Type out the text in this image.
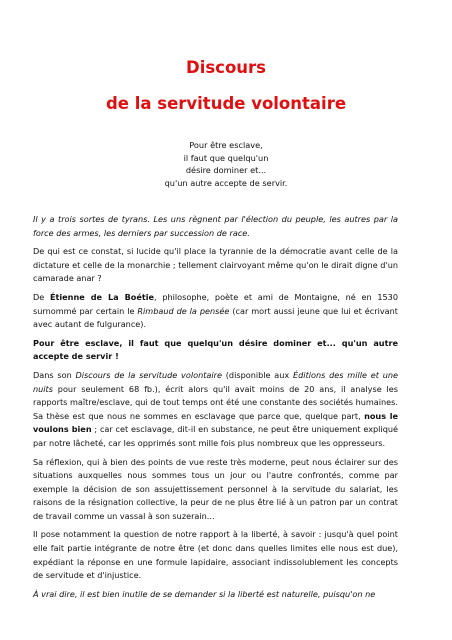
Discours
de la servitude volontaire
Pour être esclave,
il faut que quelqu'un
désire dominer et...
qu'un autre accepte de servir.

Il y a trois sortes de tyrans. Les uns règnent par l'élection du peuple, les autres par la force des armes, les derniers par succession de race.

De qui est ce constat, si lucide qu'il place la tyrannie de la démocratie avant celle de la dictature et celle de la monarchie ; tellement clairvoyant même qu'on le dirait digne d'un camarade anar ?

De Étienne de La Boétie, philosophe, poète et ami de Montaigne, né en 1530 surnommé par certain le Rimbaud de la pensée (car mort aussi jeune que lui et écrivant avec autant de fulgurance).

Pour être esclave, il faut que quelqu'un désire dominer et... qu'un autre accepte de servir !

Dans son Discours de la servitude volontaire (disponible aux Éditions des mille et une nuits pour seulement 68 fb.), écrit alors qu'il avait moins de 20 ans, il analyse les rapports maître/esclave, qui de tout temps ont été une constante des sociétés humaines. Sa thèse est que nous ne sommes en esclavage que parce que, quelque part, nous le voulons bien ; car cet esclavage, dit-il en substance, ne peut être uniquement expliqué par notre lâcheté, car les opprimés sont mille fois plus nombreux que les oppresseurs.

Sa réflexion, qui à bien des points de vue reste très moderne, peut nous éclairer sur des situations auxquelles nous sommes tous un jour ou l'autre confrontés, comme par exemple la décision de son assujettissement personnel à la servitude du salariat, les raisons de la résignation collective, la peur de ne plus être lié à un patron par un contrat de travail comme un vassal à son suzerain...

Il pose notamment la question de notre rapport à la liberté, à savoir : jusqu'à quel point elle fait partie intégrante de notre être (et donc dans quelles limites elle nous est due), expédiant la réponse en une formule lapidaire, associant indissolublement les concepts de servitude et d'injustice.

À vrai dire, il est bien inutile de se demander si la liberté est naturelle, puisqu'on ne
